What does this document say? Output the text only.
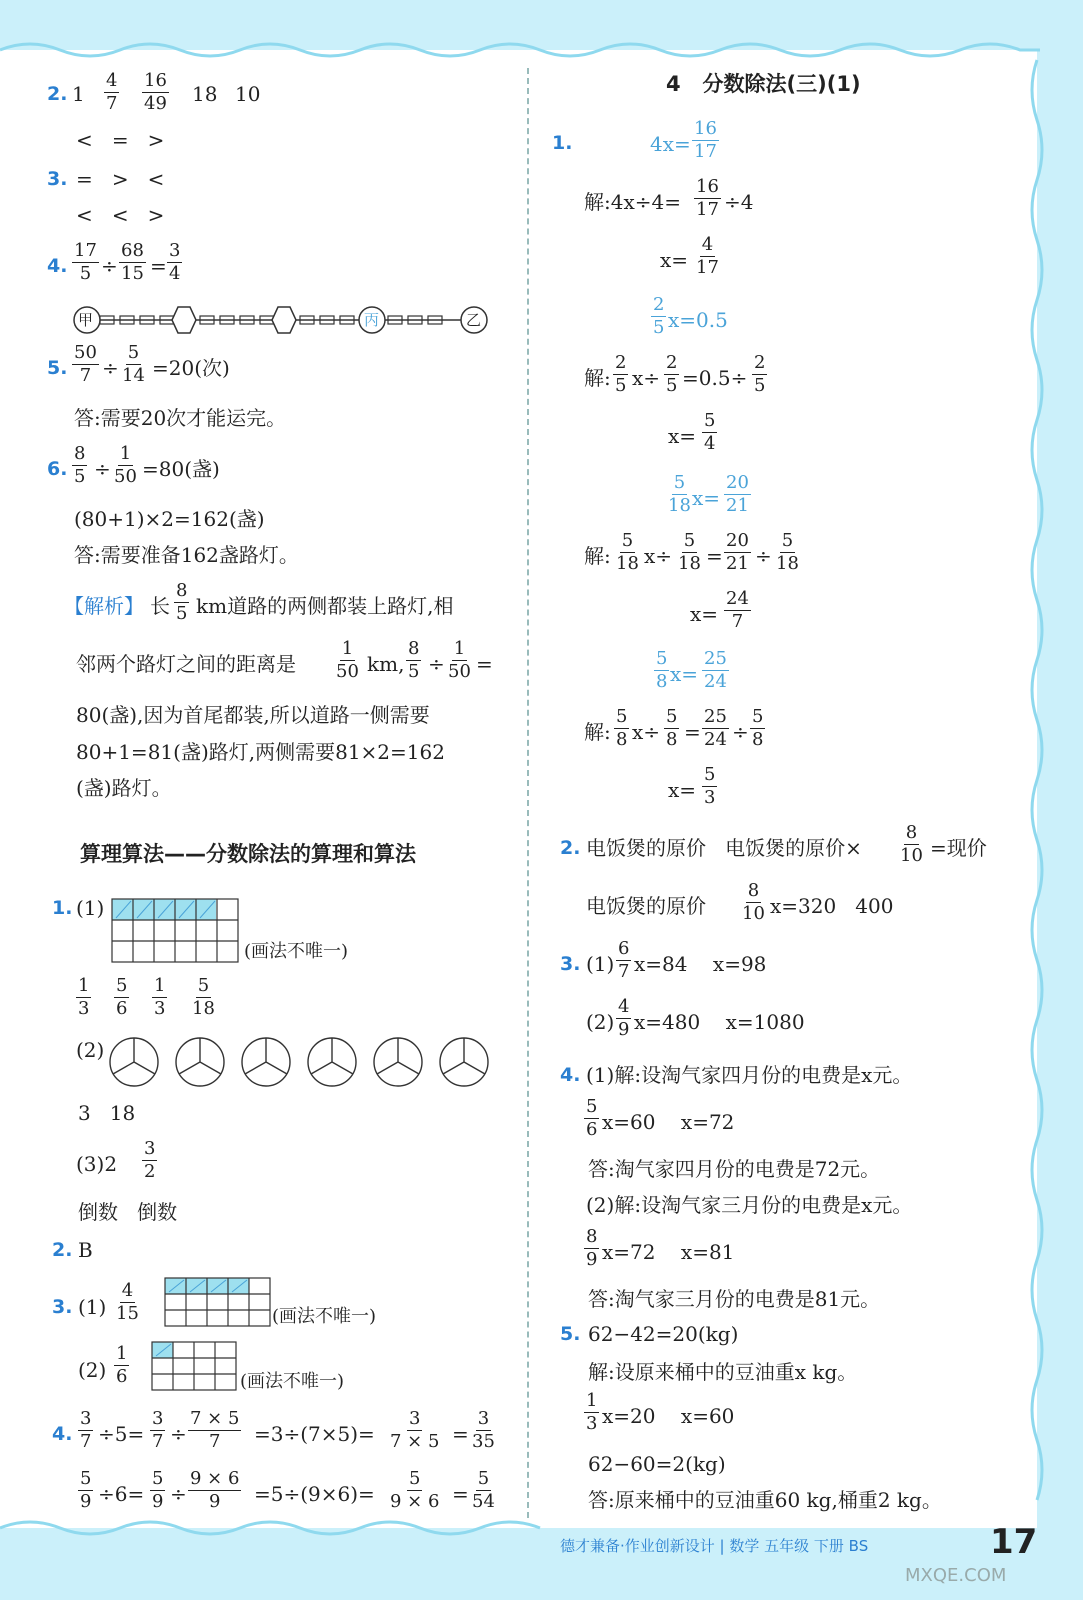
2. $1 \frac{4}{7} \frac{16}{49} 18$ 10
<   =   >
3. =   >   <
<   <   >
4. $\frac{17}{5} \div \frac{68}{15} = \frac{3}{4}$
甲	丙	乙
5. $\frac{50}{7} \div \frac{5}{14} =20$(次)
答:需要20次才能运完。
6. $\frac{8}{5} \div \frac{1}{50} =80$(盏)
(80+1)×2=162(盏)
答:需要准备162盏路灯。
【解析】 长 $\frac{8}{5}$ km道路的两侧都装上路灯,相
邻两个路灯之间的距离是 $\frac{1}{50}$ km, $\frac{8}{5} \div \frac{1}{50}$ =
80(盏),因为首尾都装,所以道路一侧需要
80+1=81(盏)路灯,两侧需要81×2=162
(盏)路灯。
算理算法——分数除法的算理和算法
1. (1)
(画法不唯一)
$\frac{1}{3} \frac{5}{6} \frac{1}{3} \frac{5}{18}$
(2)
3   18
$(3)2 \frac{3}{2}$
倒数   倒数
2. B
3. $(1) \frac{4}{15}$	(画法不唯一)
$(2) \frac{1}{6}$	(画法不唯一)
4. $\frac{3}{7} \div 5= \frac{3}{7} \div \frac{7 \times 5}{7} =3\div(7\times 5)= \frac{3}{7 \times 5} = \frac{3}{35}$
$\frac{5}{9} \div 6= \frac{5}{9} \div \frac{9 \times 6}{9} =5\div(9\times 6)= \frac{5}{9 \times 6} = \frac{5}{54}$
4   分数除法(三)(1)
1.	$4x= \frac{16}{17}$
解:4x÷4= $\frac{16}{17} \div 4$
$x= \frac{4}{17}$
$\frac{2}{5} x=0.5$
解: $\frac{2}{5} x\div \frac{2}{5} =0.5\div \frac{2}{5}$
$x= \frac{5}{4}$
$\frac{5}{18} x= \frac{20}{21}$
解: $\frac{5}{18} x\div \frac{5}{18} = \frac{20}{21} \div \frac{5}{18}$
$x= \frac{24}{7}$
$\frac{5}{8} x= \frac{25}{24}$
解: $\frac{5}{8} x\div \frac{5}{8} = \frac{25}{24} \div \frac{5}{8}$
$x= \frac{5}{3}$
2. 电饭煲的原价   电饭煲的原价× $\frac{8}{10}$ =现价
电饭煲的原价 $\frac{8}{10} x=320$   400
3. $(1) \frac{6}{7} x=84$    x=98
$(2) \frac{4}{9} x=480$    x=1080
4. (1)解:设淘气家四月份的电费是x元。
$\frac{5}{6} x=60$    x=72
答:淘气家四月份的电费是72元。
(2)解:设淘气家三月份的电费是x元。
$\frac{8}{9} x=72$    x=81
答:淘气家三月份的电费是81元。
5. 62−42=20(kg)
解:设原来桶中的豆油重x kg。
$\frac{1}{3} x=20$    x=60
62−60=2(kg)
答:原来桶中的豆油重60 kg,桶重2 kg。
德才兼备·作业创新设计 | 数学 五年级 下册 BS	17
MXQE.COM
